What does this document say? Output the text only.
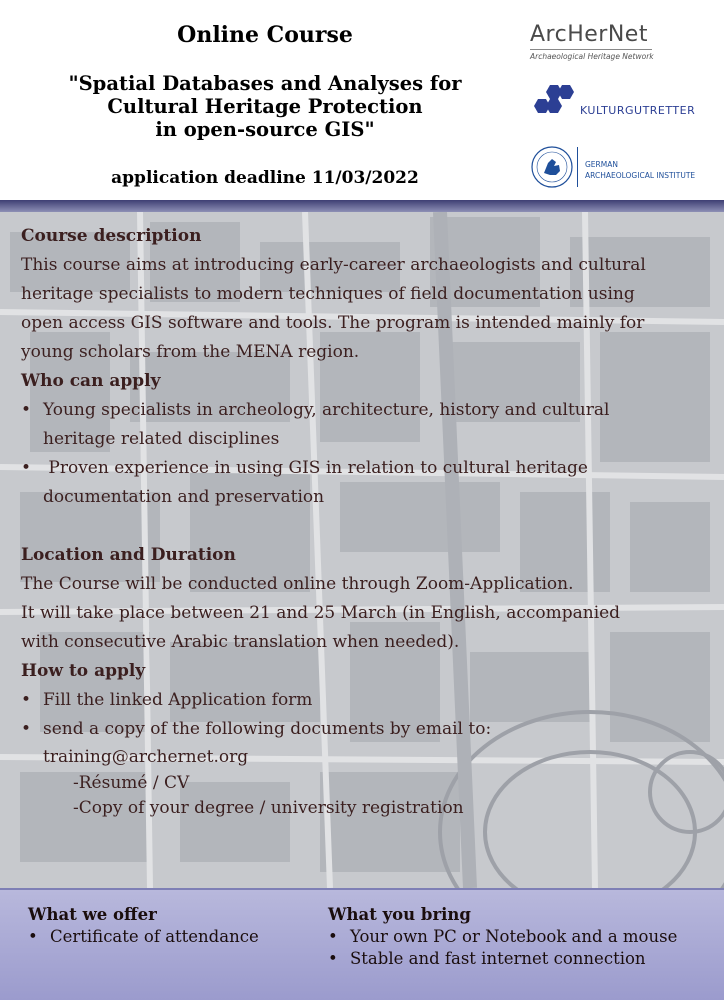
Online Course
"Spatial Databases and Analyses for
Cultural Heritage Protection
in open-source GIS"
application deadline 11/03/2022
ArcHerNet
Archaeological Heritage Network
KULTURGUTRETTER
GERMAN
ARCHAEOLOGICAL INSTITUTE

Course description

This course aims at introducing early-career archaeologists and cultural

heritage specialists to modern techniques of field documentation using

open access GIS software and tools. The program is intended mainly for

young scholars from the MENA region.

Who can apply

• Young specialists in archeology, architecture, history and cultural
heritage related disciplines
• Proven experience in using GIS in relation to cultural heritage
documentation and preservation

Location and Duration

The Course will be conducted online through Zoom-Application.

It will take place between 21 and 25 March (in English, accompanied

with consecutive Arabic translation when needed).

How to apply

• Fill the linked Application form
• send a copy of the following documents by email to:

training@archernet.org

-Résumé / CV

-Copy of your degree / university registration

What we offer

• Certificate of attendance

What you bring

• Your own PC or Notebook and a mouse
• Stable and fast internet connection
